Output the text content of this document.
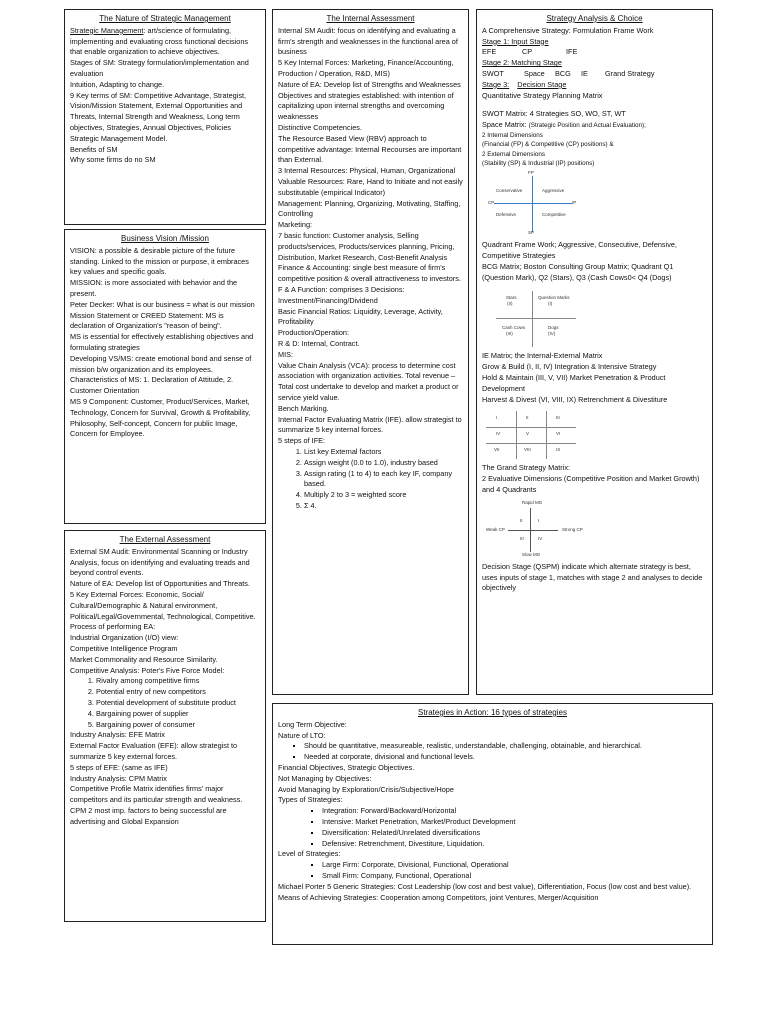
The Nature of Strategic Management

Strategic Management: art/science of formulating, implementing and evaluating cross functional decisions that enable organization to achieve objectives.

Stages of SM: Strategy formulation/implementation and evaluation

Intuition, Adapting to change.

9 Key terms of SM: Competitive Advantage, Strategist, Vision/Mission Statement, External Opportunities and Threats, Internal Strength and Weakness, Long term objectives, Strategies, Annual Objectives, Policies

Strategic Management Model.

Benefits of SM

Why some firms do no SM

Business Vision /Mission

VISION: a possible & desirable picture of the future standing. Linked to the mission or purpose, it embraces key values and specific goals.

MISSION: is more associated with behavior and the present.

Peter Decker: What is our business = what is our mission

Mission Statement or CREED Statement: MS is declaration of Organization's "reason of being".

MS is essential for effectively establishing objectives and formulating strategies

Developing VS/MS: create emotional bond and sense of mission b/w organization and its employees.

Characteristics of MS: 1. Declaration of Attitude, 2. Customer Orientation

MS 9 Component: Customer, Product/Services, Market, Technology, Concern for Survival, Growth & Profitability, Philosophy, Self-concept, Concern for public Image, Concern for Employee.

The External Assessment

External SM Audit: Environmental Scanning or Industry Analysis, focus on identifying and evaluating treads and beyond control events.

Nature of EA: Develop list of Opportunities and Threats.

5 Key External Forces: Economic, Social/ Cultural/Demographic & Natural environment, Political/Legal/Governmental, Technological, Competitive.

Process of performing EA:

Industrial Organization (I/O) view:

Competitive Intelligence Program

Market Commonality and Resource Similarity.

Competitive Analysis: Poter's Five Force Model:

1. Rivalry among competitive firms
2. Potential entry of new competitors
3. Potential development of substitute product
4. Bargaining power of supplier
5. Bargaining power of consumer

Industry Analysis: EFE Matrix

External Factor Evaluation (EFE): allow strategist to summarize 5 key external forces.

5 steps of EFE: (same as IFE)

Industry Analysis: CPM Matrix

Competitive Profile Matrix identifies firms' major competitors and its particular strength and weakness. CPM 2 most imp. factors to being successful are advertising and Global Expansion

The Internal Assessment

Internal SM Audit: focus on identifying and evaluating a firm's strength and weaknesses in the functional area of business

5 Key Internal Forces: Marketing, Finance/Accounting, Production / Operation, R&D, MIS)

Nature of EA: Develop list of Strengths and Weaknesses

Objectives and strategies established: with intention of capitalizing upon internal strengths and overcoming weaknesses

Distinctive Competencies.

The Resource Based View (RBV) approach to competitive advantage: Internal Recourses are important than External.

3 Internal Resources: Physical, Human, Organizational

Valuable Resources: Rare, Hand to Initiate and not easily substitutable (empirical Indicator)

Management: Planning, Organizing, Motivating, Staffing, Controlling

Marketing:

7 basic function: Customer analysis, Selling products/services, Products/services planning, Pricing, Distribution, Market Research, Cost-Benefit Analysis

Finance & Accounting: single best measure of firm's competitive position & overall attractiveness to investors.

F & A Function: comprises 3 Decisions: Investment/Financing/Dividend

Basic Financial Ratios: Liquidity, Leverage, Activity, Profitability

Production/Operation:

R & D: Internal, Contract.

MIS:

Value Chain Analysis (VCA): process to determine cost association with organization activities. Total revenue – Total cost undertake to develop and market a product or service yield value.

Bench Marking.

Internal Factor Evaluating Matrix (IFE). allow strategist to summarize 5 key internal forces.

5 steps of IFE:

1. List key External factors
2. Assign weight (0.0 to 1.0), industry based
3. Assign rating (1 to 4) to each key IF, company based.
4. Multiply 2 to 3 = weighted score
5. Σ 4.
Strategy Analysis & Choice

A Comprehensive Strategy: Formulation Frame Work

Stage 1: Input Stage

EFE	CP	IFE

Stage 2: Matching Stage

SWOT	Space BCG IE Grand Strategy

Stage 3: Decision Stage

Quantitative Strategy Planning Matrix

SWOT Matrix: 4 Strategies SO, WO, ST, WT

Space Matrix: (Strategic Position and Actual Evaluation);

2 Internal Dimensions

(Financial (FP) & Competitive (CP) positions) &

2 External Dimensions

(Stability (SP) & Industrial (IP) positions)

FP
Conservative	Aggressive
CP	IP
Defensive	Competitive
SP

Quadrant Frame Work; Aggressive, Consecutive, Defensive, Competitive Strategies

BCG Matrix; Boston Consulting Group Matrix; Quadrant Q1 (Question Mark), Q2 (Stars), Q3 (Cash Cows0< Q4 (Dogs)

Stars
(II)
Question Marks
(I)
Cash Cows
(III)
Dogs
(IV)

IE Matrix; the Internal-External Matrix

Grow & Build (I, II, IV) Integration & Intensive Strategy

Hold & Maintain (III, V, VII) Market Penetration & Product Development

Harvest & Divest (VI, VIII, IX) Retrenchment & Divestiture

I	II	III
IV	V	VI
VII	VIII	IX

The Grand Strategy Matrix:

2 Evaluative Dimensions (Competitive Position and Market Growth) and 4 Quadrants

Rapid MG
II	I
Weak CP	Strong CP
III	IV
Slow MG

Decision Stage (QSPM) indicate which alternate strategy is best, uses inputs of stage 1, matches with stage 2 and analyses to decide objectively

Strategies in Action: 16 types of strategies

Long Term Objective:

Nature of LTO:

▪ Should be quantitative, measureable, realistic, understandable, challenging, obtainable, and hierarchical.
▪ Needed at corporate, divisional and functional levels.

Financial Objectives, Strategic Objectives.

Not Managing by Objectives:

Avoid Managing by Exploration/Crisis/Subjective/Hope

Types of Strategies:

▪ Integration: Forward/Backward/Horizontal
▪ Intensive: Market Penetration, Market/Product Development
▪ Diversification: Related/Unrelated diversifications
▪ Defensive: Retrenchment, Divestiture, Liquidation.

Level of Strategies:

▪ Large Firm: Corporate, Divisional, Functional, Operational
▪ Small Firm: Company, Functional, Operational

Michael Porter 5 Generic Strategies: Cost Leadership (low cost and best value), Differentiation, Focus (low cost and best value).

Means of Achieving Strategies: Cooperation among Competitors, joint Ventures, Merger/Acquisition
